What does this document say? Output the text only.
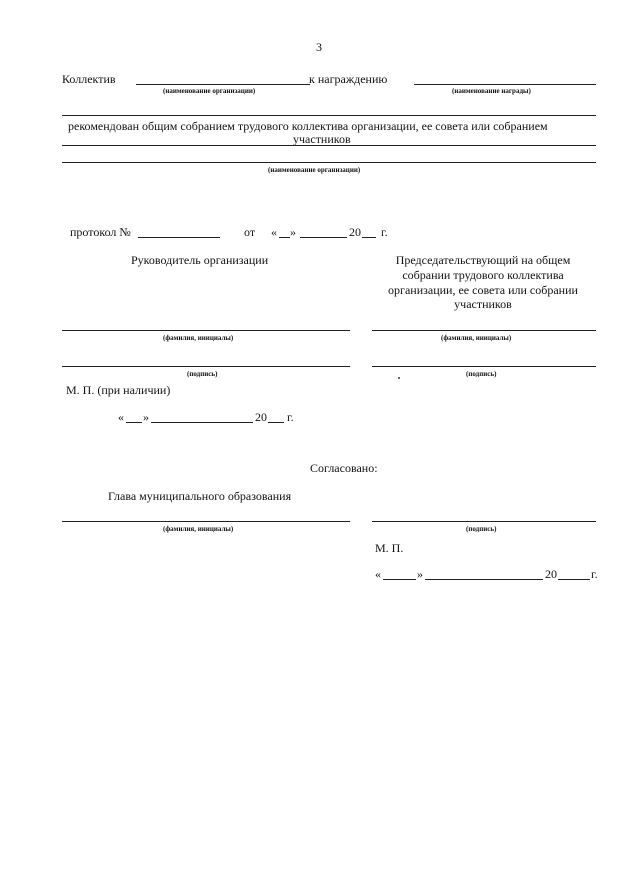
3
Коллектив	к награждению
(наименование организации)	(наименование награды)
рекомендован общим собранием трудового коллектива организации, ее совета или собранием
участников
(наименование организации)
протокол №	от « »	20 г.
Руководитель организации	Председательствующий на общем
собрании трудового коллектива
организации, ее совета или собрании
участников
(фамилия, инициалы)	(фамилия, инициалы)
(подпись)	(подпись)
М. П. (при наличии)
« »	20 г.
Согласовано:
Глава муниципального образования
(фамилия, инициалы)	(подпись)
М. П.
«	»	20	г.
